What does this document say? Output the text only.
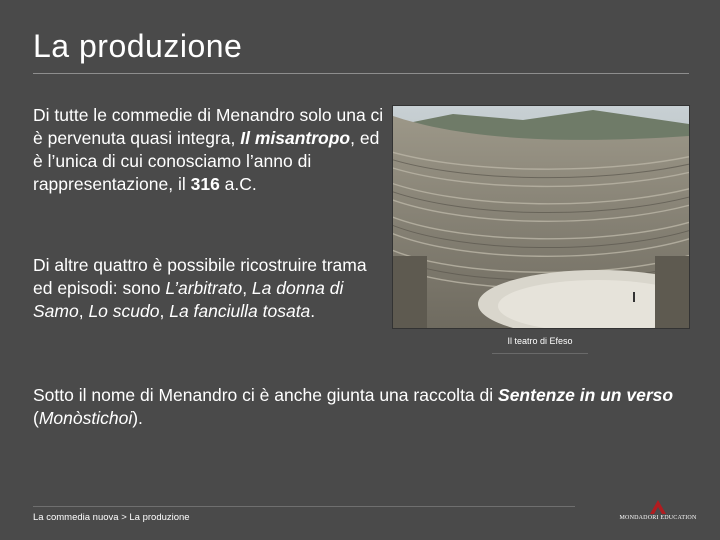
La produzione
Di tutte le commedie di Menandro solo una ci è pervenuta quasi integra, Il misantropo, ed è l’unica di cui conosciamo l’anno di rappresentazione, il 316 a.C.
Di altre quattro è possibile ricostruire trama ed episodi: sono L’arbitrato, La donna di Samo, Lo scudo, La fanciulla tosata.
Il teatro di Efeso
Sotto il nome di Menandro ci è anche giunta una raccolta di Sentenze in un verso (Monòstichoi).
La commedia nuova > La produzione	MONDADORI EDUCATION
